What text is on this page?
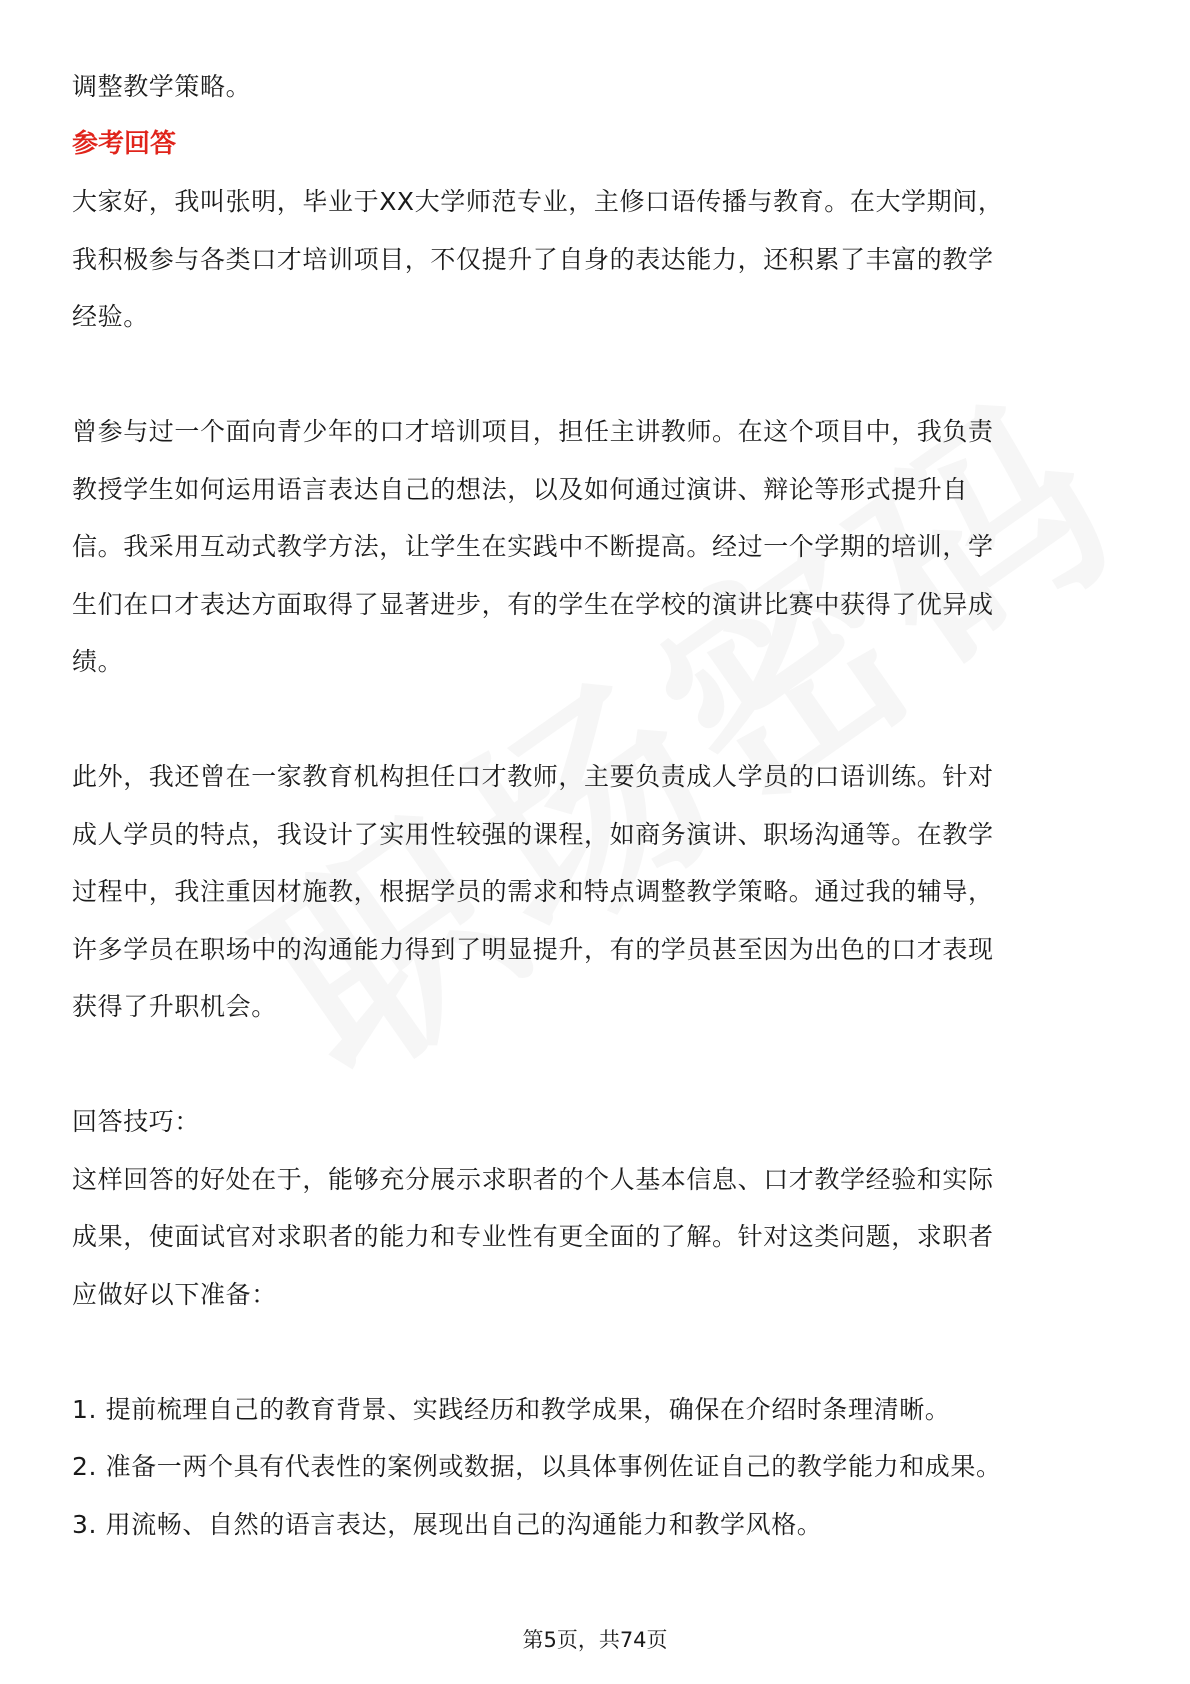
调整教学策略。

参考回答

大家好，我叫张明，毕业于XX大学师范专业，主修口语传播与教育。在大学期间，

我积极参与各类口才培训项目，不仅提升了自身的表达能力，还积累了丰富的教学

经验。

曾参与过一个面向青少年的口才培训项目，担任主讲教师。在这个项目中，我负责

教授学生如何运用语言表达自己的想法，以及如何通过演讲、辩论等形式提升自

信。我采用互动式教学方法，让学生在实践中不断提高。经过一个学期的培训，学

生们在口才表达方面取得了显著进步，有的学生在学校的演讲比赛中获得了优异成

绩。

此外，我还曾在一家教育机构担任口才教师，主要负责成人学员的口语训练。针对

成人学员的特点，我设计了实用性较强的课程，如商务演讲、职场沟通等。在教学

过程中，我注重因材施教，根据学员的需求和特点调整教学策略。通过我的辅导，

许多学员在职场中的沟通能力得到了明显提升，有的学员甚至因为出色的口才表现

获得了升职机会。

回答技巧：

这样回答的好处在于，能够充分展示求职者的个人基本信息、口才教学经验和实际

成果，使面试官对求职者的能力和专业性有更全面的了解。针对这类问题，求职者

应做好以下准备：

1. 提前梳理自己的教育背景、实践经历和教学成果，确保在介绍时条理清晰。

2. 准备一两个具有代表性的案例或数据，以具体事例佐证自己的教学能力和成果。

3. 用流畅、自然的语言表达，展现出自己的沟通能力和教学风格。

第5页，共74页
